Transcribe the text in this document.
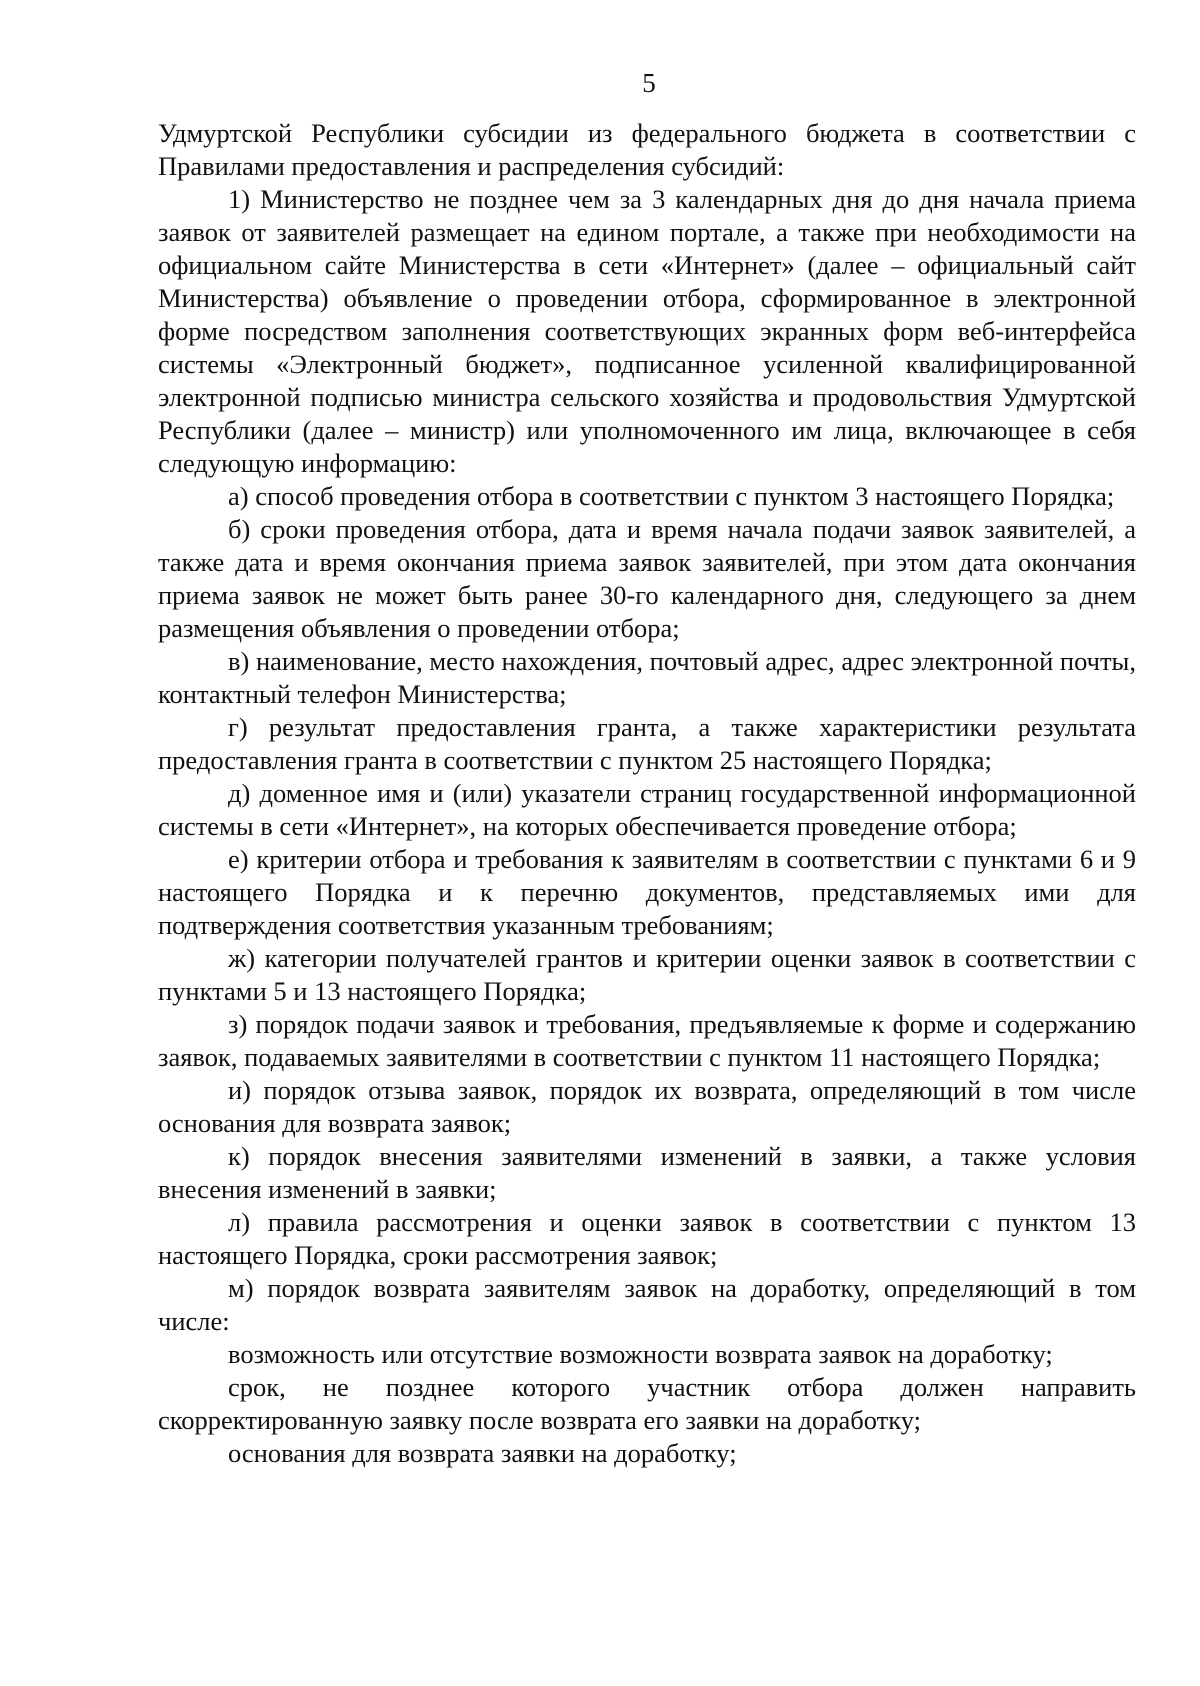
5

Удмуртской Республики субсидии из федерального бюджета в соответствии с Правилами предоставления и распределения субсидий:

1) Министерство не позднее чем за 3 календарных дня до дня начала приема заявок от заявителей размещает на едином портале, а также при необходимости на официальном сайте Министерства в сети «Интернет» (далее – официальный сайт Министерства) объявление о проведении отбора, сформированное в электронной форме посредством заполнения соответствующих экранных форм веб-интерфейса системы «Электронный бюджет», подписанное усиленной квалифицированной электронной подписью министра сельского хозяйства и продовольствия Удмуртской Республики (далее – министр) или уполномоченного им лица, включающее в себя следующую информацию:

а) способ проведения отбора в соответствии с пунктом 3 настоящего Порядка;

б) сроки проведения отбора, дата и время начала подачи заявок заявителей, а также дата и время окончания приема заявок заявителей, при этом дата окончания приема заявок не может быть ранее 30-го календарного дня, следующего за днем размещения объявления о проведении отбора;

в) наименование, место нахождения, почтовый адрес, адрес электронной почты, контактный телефон Министерства;

г) результат предоставления гранта, а также характеристики результата предоставления гранта в соответствии с пунктом 25 настоящего Порядка;

д) доменное имя и (или) указатели страниц государственной информационной системы в сети «Интернет», на которых обеспечивается проведение отбора;

е) критерии отбора и требования к заявителям в соответствии с пунктами 6 и 9 настоящего Порядка и к перечню документов, представляемых ими для подтверждения соответствия указанным требованиям;

ж) категории получателей грантов и критерии оценки заявок в соответствии с пунктами 5 и 13 настоящего Порядка;

з) порядок подачи заявок и требования, предъявляемые к форме и содержанию заявок, подаваемых заявителями в соответствии с пунктом 11 настоящего Порядка;

и) порядок отзыва заявок, порядок их возврата, определяющий в том числе основания для возврата заявок;

к) порядок внесения заявителями изменений в заявки, а также условия внесения изменений в заявки;

л) правила рассмотрения и оценки заявок в соответствии с пунктом 13 настоящего Порядка, сроки рассмотрения заявок;

м) порядок возврата заявителям заявок на доработку, определяющий в том числе:

возможность или отсутствие возможности возврата заявок на доработку;

срок, не позднее которого участник отбора должен направить скорректированную заявку после возврата его заявки на доработку;

основания для возврата заявки на доработку;
